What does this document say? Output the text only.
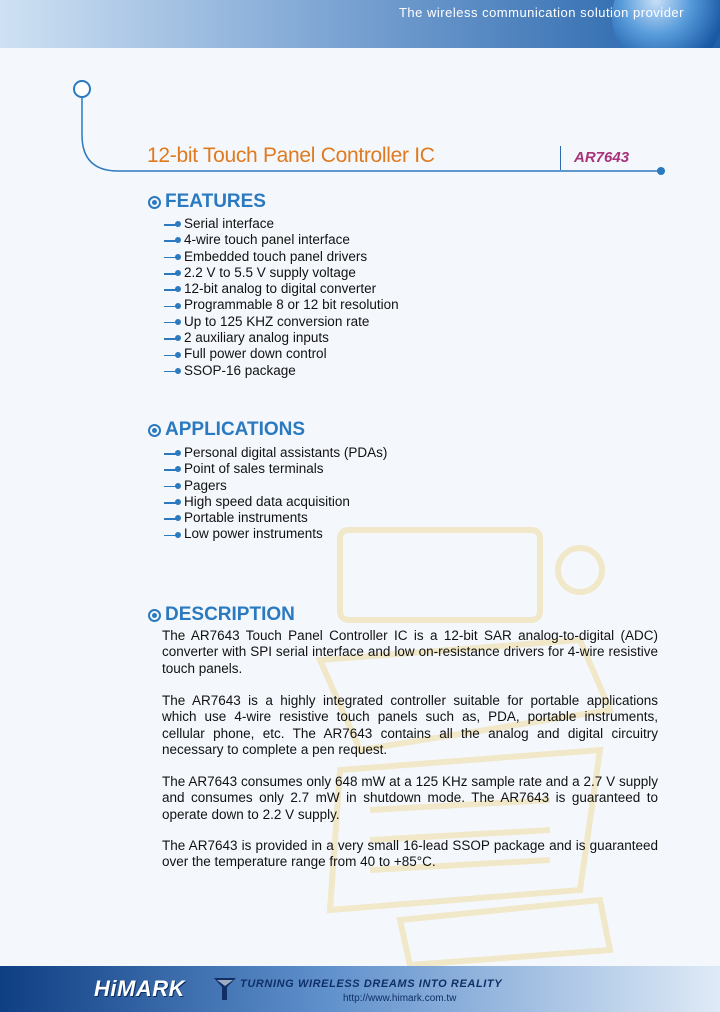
The wireless communication solution provider
12-bit Touch Panel Controller IC	AR7643
FEATURES
Serial interface
4-wire touch panel interface
Embedded touch panel drivers
2.2 V to 5.5 V supply voltage
12-bit analog to digital converter
Programmable 8 or 12 bit resolution
Up to 125 KHZ conversion rate
2 auxiliary analog inputs
Full power down control
SSOP-16 package
APPLICATIONS
Personal digital assistants (PDAs)
Point of sales terminals
Pagers
High speed data acquisition
Portable instruments
Low power instruments
DESCRIPTION

The AR7643 Touch Panel Controller IC is a 12-bit SAR analog-to-digital (ADC) converter with SPI serial interface and low on-resistance drivers for 4-wire resistive touch panels.

The AR7643 is a highly integrated controller suitable for portable applications which use 4-wire resistive touch panels such as, PDA, portable instruments, cellular phone, etc. The AR7643 contains all the analog and digital circuitry necessary to complete a pen request.

The AR7643 consumes only 648 mW at a 125 KHz sample rate and a 2.7 V supply and consumes only 2.7 mW in shutdown mode. The AR7643 is guaranteed to operate down to 2.2 V supply.

The AR7643 is provided in a very small 16-lead SSOP package and is guaranteed over the temperature range from 40 to +85°C.

HiMARK	TURNING WIRELESS DREAMS INTO REALITY
http://www.himark.com.tw
